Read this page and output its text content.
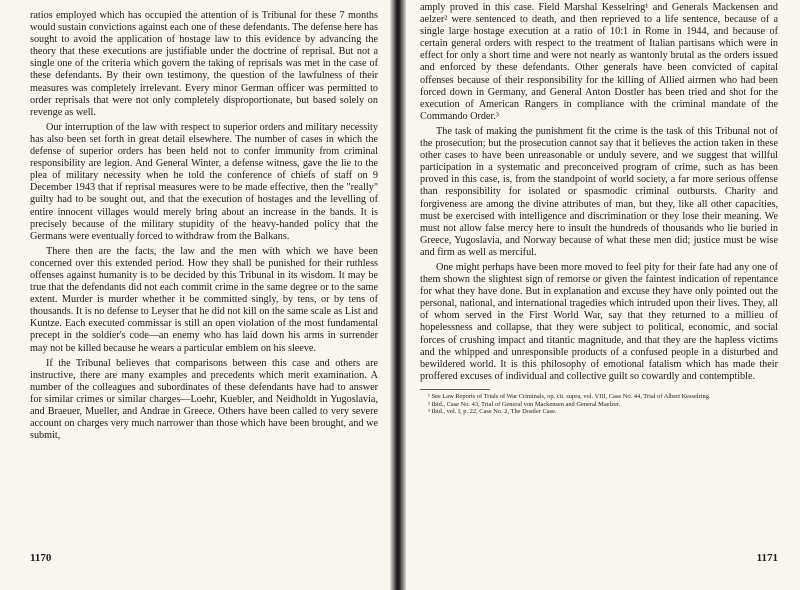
ratios employed which has occupied the attention of is Tribunal for these 7 months would sustain convictions against each one of these defendants. The defense here has sought to avoid the application of hostage law to this evidence by advancing the theory that these executions are justifiable under the doctrine of reprisal. But not a single one of the criteria which govern the taking of reprisals was met in the case of these defendants. By their own testimony, the question of the lawfulness of their measures was completely irrelevant. Every minor German officer was permitted to order reprisals that were not only completely disproportionate, but based solely on revenge as well.

Our interruption of the law with respect to superior orders and military necessity has also been set forth in great detail elsewhere. The number of cases in which the defense of superior orders has been held not to confer immunity from criminal responsibility are legion. And General Winter, a defense witness, gave the lie to the plea of military necessity when he told the conference of chiefs of staff on 9 December 1943 that if reprisal measures were to be made effective, then the "really" guilty had to be sought out, and that the execution of hostages and the levelling of entire innocent villages would merely bring about an increase in the bands. It is precisely because of the military stupidity of the heavy-handed policy that the Germans were eventually forced to withdraw from the Balkans.

There then are the facts, the law and the men with which we have been concerned over this extended period. How they shall be punished for their ruthless offenses against humanity is to be decided by this Tribunal in its wisdom. It may be true that the defendants did not each commit crime in the same degree or to the same extent. Murder is murder whether it be committed singly, by tens, or by tens of thousands. It is no defense to Leyser that he did not kill on the same scale as List and Kuntze. Each executed commissar is still an open violation of the most fundamental precept in the soldier's code—an enemy who has laid down his arms in surrender may not be killed because he wears a particular emblem on his sleeve.

If the Tribunal believes that comparisons between this case and others are instructive, there are many examples and precedents which merit examination. A number of the colleagues and subordinates of these defendants have had to answer for similar crimes or similar charges—Loehr, Kuebler, and Neidholdt in Yugoslavia, and Braeuer, Mueller, and Andrae in Greece. Others have been called to very severe account on charges very much narrower than those which have been brought, and we submit,

1170

amply proved in this case. Field Marshal Kesselring¹ and Generals Mackensen and aelzer² were sentenced to death, and then reprieved to a life sentence, because of a single large hostage execution at a ratio of 10:1 in Rome in 1944, and because of certain general orders with respect to the treatment of Italian partisans which were in effect for only a short time and were not nearly as wantonly brutal as the orders issued and enforced by these defendants. Other generals have been convicted of capital offenses because of their responsibility for the killing of Allied airmen who had been forced down in Germany, and General Anton Dostler has been tried and shot for the execution of American Rangers in compliance with the criminal mandate of the Commando Order.³

The task of making the punishment fit the crime is the task of this Tribunal not of the prosecution; but the prosecution cannot say that it believes the action taken in these other cases to have been unreasonable or unduly severe, and we suggest that willful participation in a systematic and preconceived program of crime, such as has been proved in this case, is, from the standpoint of world society, a far more serious offense than responsibility for isolated or spasmodic criminal outbursts. Charity and forgiveness are among the divine attributes of man, but they, like all other capacities, must be exercised with intelligence and discrimination or they lose their meaning. We must not allow false mercy here to insult the hundreds of thousands who lie buried in Greece, Yugoslavia, and Norway because of what these men did; justice must be wise and firm as well as merciful.

One might perhaps have been more moved to feel pity for their fate had any one of them shown the slightest sign of remorse or given the faintest indication of repentance for what they have done. But in explanation and excuse they have only pointed out the personal, national, and international tragedies which intruded upon their lives. They, all of whom served in the First World War, say that they returned to a millieu of hopelessness and collapse, that they were subject to political, economic, and social forces of crushing impact and titantic magnitude, and that they are the hapless victims and the whipped and unresponsible products of a confused people in a disturbed and bewildered world. It is this philosophy of emotional fatalism which has made their proffered excuses of individual and collective guilt so cowardly and contemptible.

¹ See Law Reports of Trials of War Criminals, op. cit. supra, vol. VIII, Case No. 44, Trial of Albert Kesselring.

² Ibid., Case No. 43, Trial of General von Mackensen and General Maelzer.

³ Ibid., vol. I, p. 22, Case No. 2, The Dostler Case.

1171
